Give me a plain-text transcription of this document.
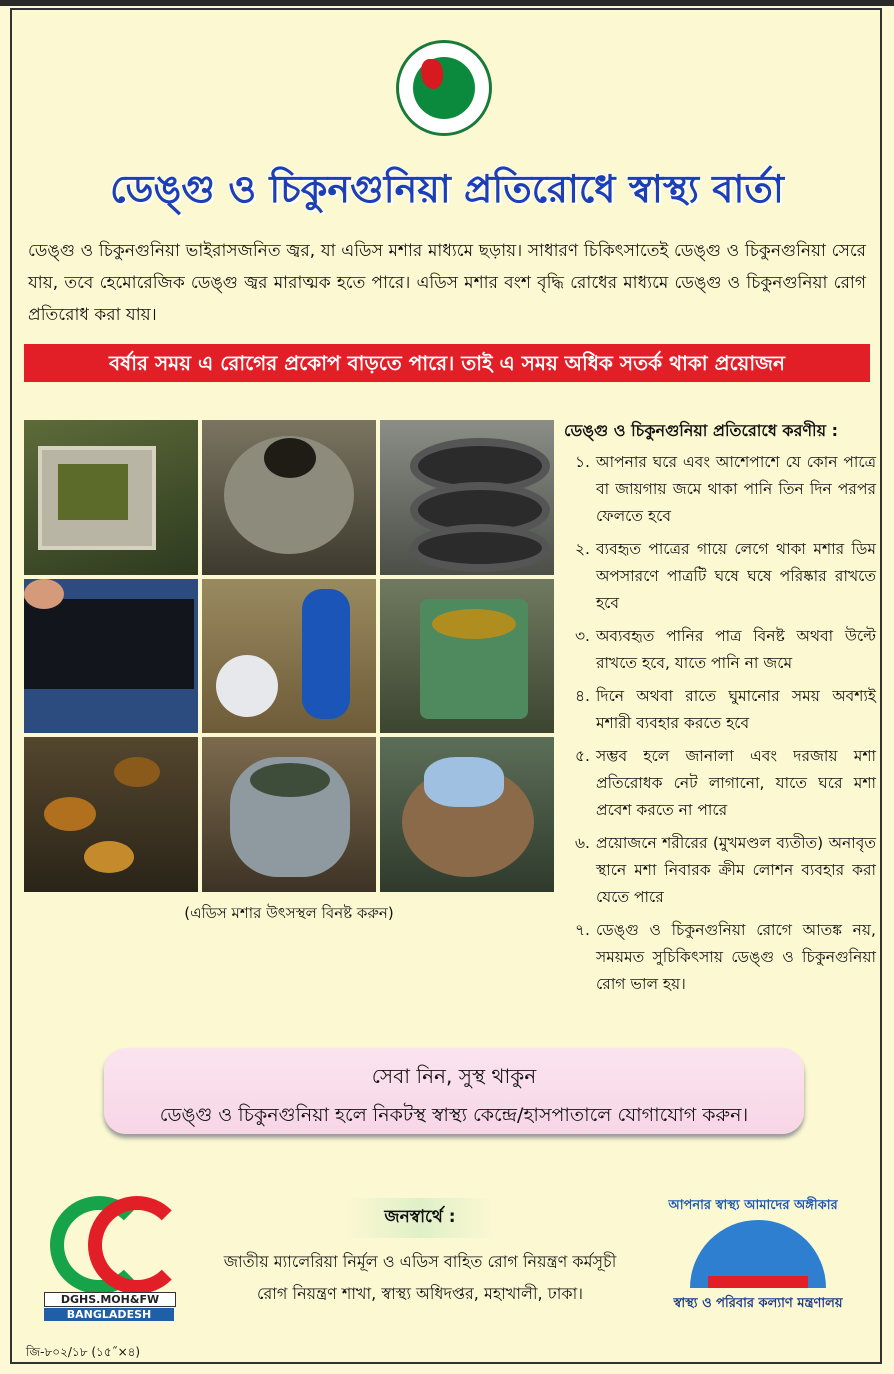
ডেঙ্গু ও চিকুনগুনিয়া প্রতিরোধে স্বাস্থ্য বার্তা
ডেঙ্গু ও চিকুনগুনিয়া ভাইরাসজনিত জ্বর, যা এডিস মশার মাধ্যমে ছড়ায়। সাধারণ চিকিৎসাতেই ডেঙ্গু ও চিকুনগুনিয়া সেরে যায়, তবে হেমোরেজিক ডেঙ্গু জ্বর মারাত্মক হতে পারে। এডিস মশার বংশ বৃদ্ধি রোধের মাধ্যমে ডেঙ্গু ও চিকুনগুনিয়া রোগ প্রতিরোধ করা যায়।
বর্ষার সময় এ রোগের প্রকোপ বাড়তে পারে। তাই এ সময় অধিক সতর্ক থাকা প্রয়োজন
(এডিস মশার উৎসস্থল বিনষ্ট করুন)
ডেঙ্গু ও চিকুনগুনিয়া প্রতিরোধে করণীয় :
১. আপনার ঘরে এবং আশেপাশে যে কোন পাত্রে বা জায়গায় জমে থাকা পানি তিন দিন পরপর ফেলতে হবে
২. ব্যবহৃত পাত্রের গায়ে লেগে থাকা মশার ডিম অপসারণে পাত্রটি ঘষে ঘষে পরিষ্কার রাখতে হবে
৩. অব্যবহৃত পানির পাত্র বিনষ্ট অথবা উল্টে রাখতে হবে, যাতে পানি না জমে
৪. দিনে অথবা রাতে ঘুমানোর সময় অবশ্যই মশারী ব্যবহার করতে হবে
৫. সম্ভব হলে জানালা এবং দরজায় মশা প্রতিরোধক নেট লাগানো, যাতে ঘরে মশা প্রবেশ করতে না পারে
৬. প্রয়োজনে শরীরের (মুখমণ্ডল ব্যতীত) অনাবৃত স্থানে মশা নিবারক ক্রীম লোশন ব্যবহার করা যেতে পারে
৭. ডেঙ্গু ও চিকুনগুনিয়া রোগে আতঙ্ক নয়, সময়মত সুচিকিৎসায় ডেঙ্গু ও চিকুনগুনিয়া রোগ ভাল হয়।
সেবা নিন, সুস্থ থাকুন
ডেঙ্গু ও চিকুনগুনিয়া হলে নিকটস্থ স্বাস্থ্য কেন্দ্রে/হাসপাতালে যোগাযোগ করুন।
DGHS.MOH&FW
BANGLADESH
জনস্বার্থে :
জাতীয় ম্যালেরিয়া নির্মূল ও এডিস বাহিত রোগ নিয়ন্ত্রণ কর্মসূচী
রোগ নিয়ন্ত্রণ শাখা, স্বাস্থ্য অধিদপ্তর, মহাখালী, ঢাকা।
আপনার স্বাস্থ্য আমাদের অঙ্গীকার
স্বাস্থ্য ও পরিবার কল্যাণ মন্ত্রণালয়
জি-৮০২/১৮ (১৫˝×৪)
